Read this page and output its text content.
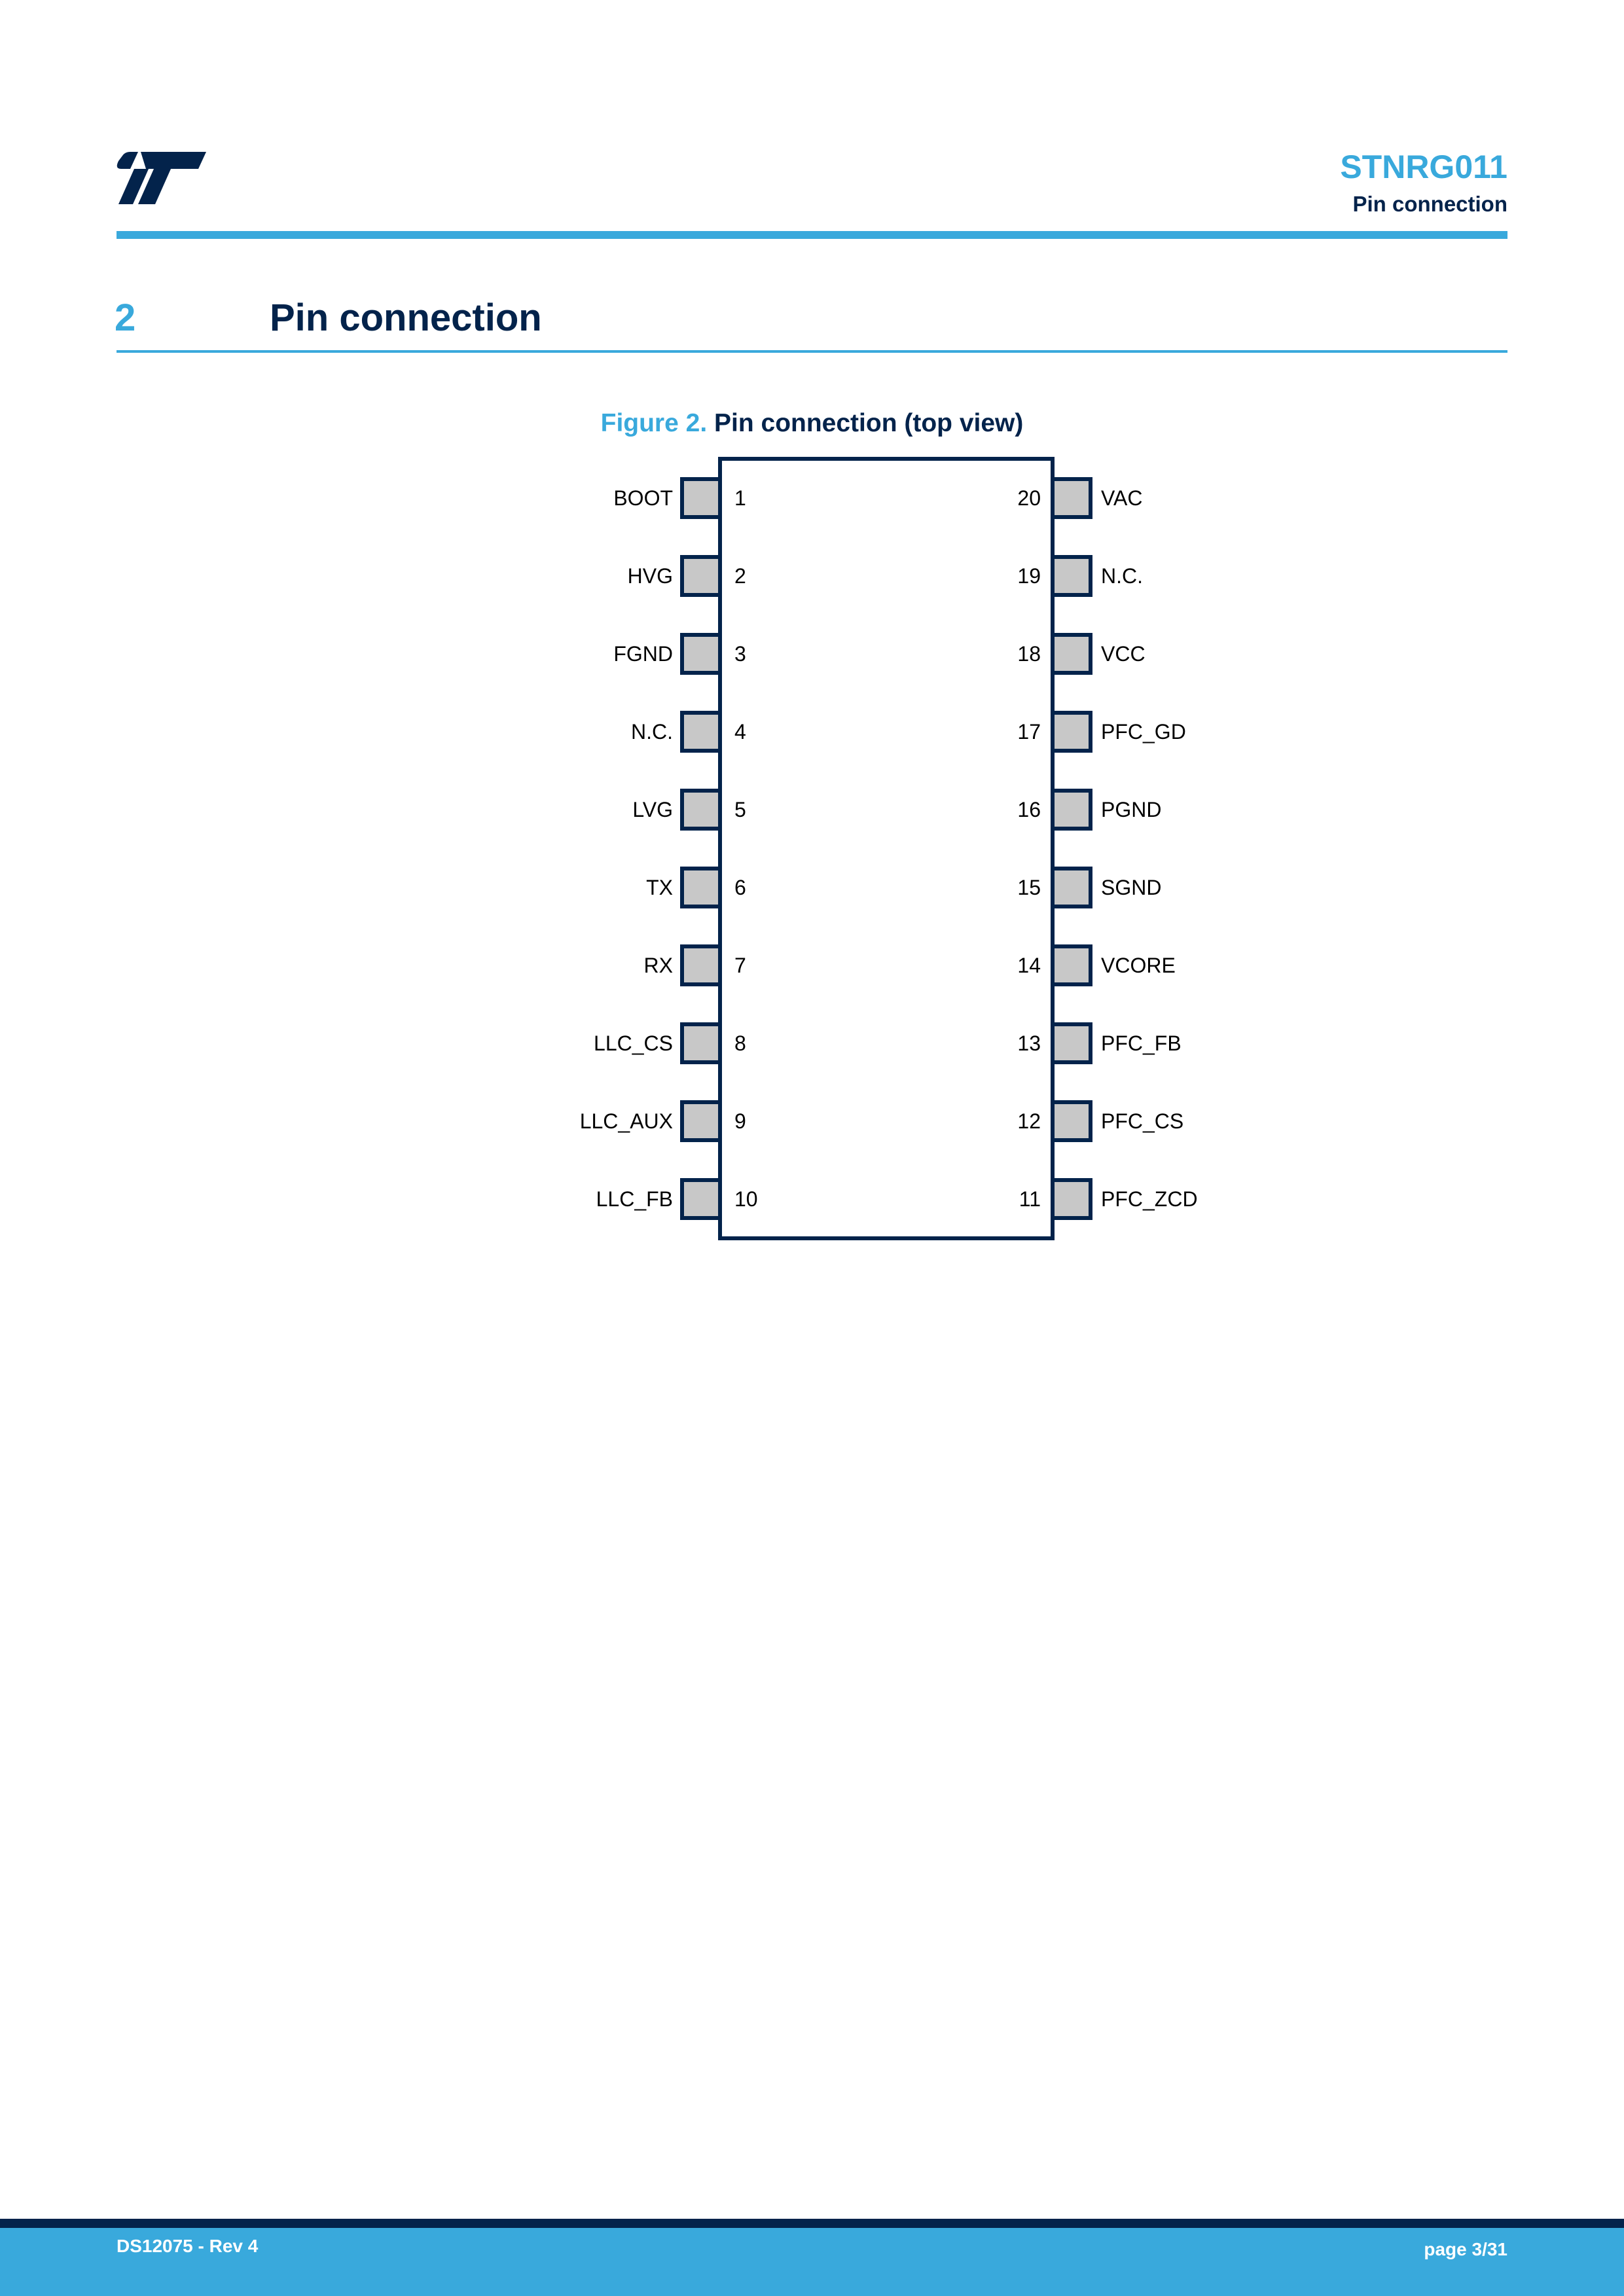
STNRG011
Pin connection
2	Pin connection
Figure 2. Pin connection (top view)
BOOT	1
HVG	2
FGND	3
N.C.	4
LVG	5
TX	6
RX	7
LLC_CS	8
LLC_AUX	9
LLC_FB	10
VAC
20
N.C.
19
VCC
18
PFC_GD
17
PGND
16
SGND
15
VCORE
14
PFC_FB
13
PFC_CS
12
PFC_ZCD
11
DS12075 - Rev 4	page 3/31
